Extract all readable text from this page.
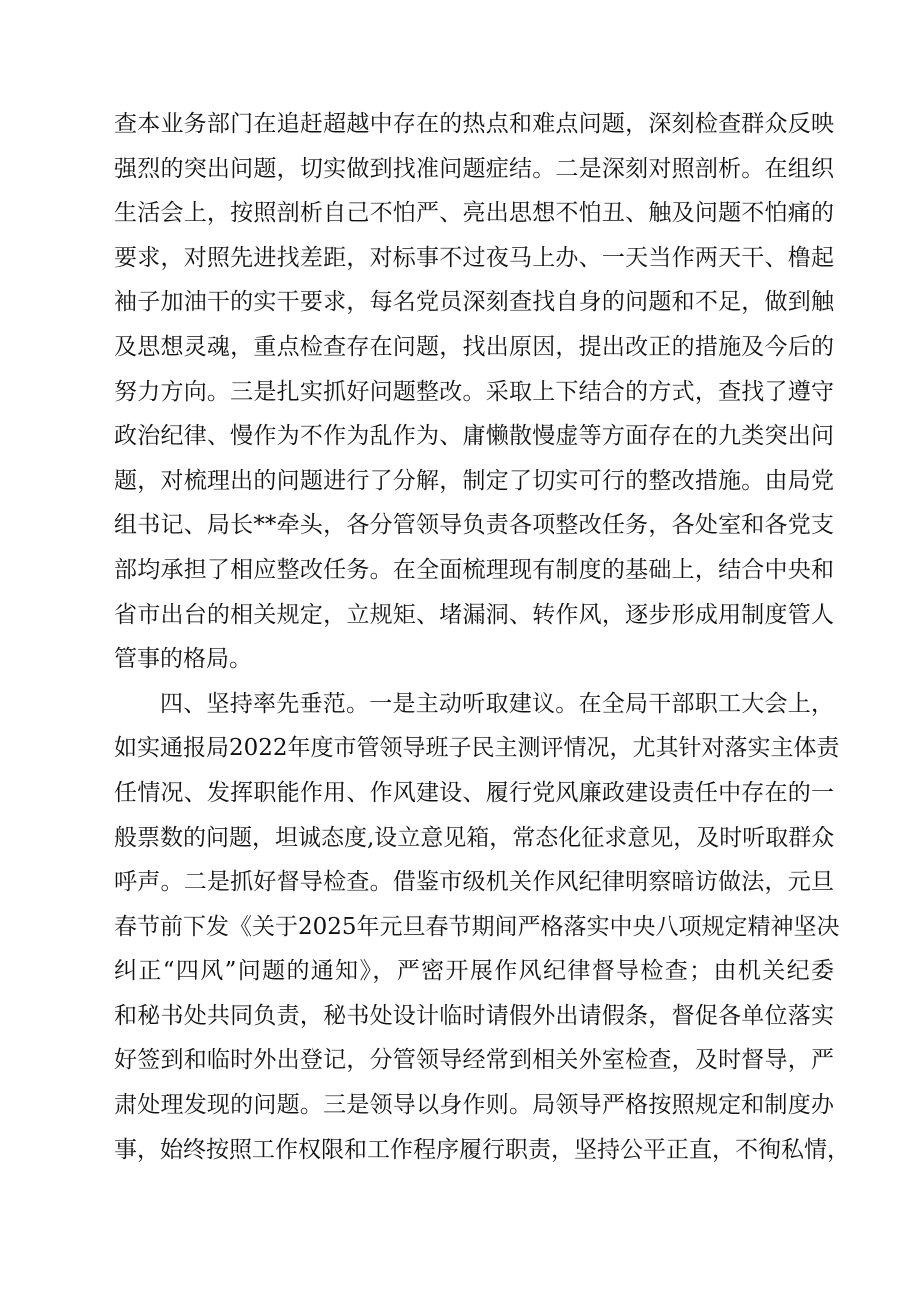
查本业务部门在追赶超越中存在的热点和难点问题，深刻检查群众反映
强烈的突出问题，切实做到找准问题症结。二是深刻对照剖析。在组织
生活会上，按照剖析自己不怕严、亮出思想不怕丑、触及问题不怕痛的
要求，对照先进找差距，对标事不过夜马上办、一天当作两天干、橹起
袖子加油干的实干要求，每名党员深刻查找自身的问题和不足，做到触
及思想灵魂，重点检查存在问题，找出原因，提出改正的措施及今后的
努力方向。三是扎实抓好问题整改。采取上下结合的方式，查找了遵守
政治纪律、慢作为不作为乱作为、庸懒散慢虚等方面存在的九类突出问
题，对梳理出的问题进行了分解，制定了切实可行的整改措施。由局党
组书记、局长**牵头，各分管领导负责各项整改任务，各处室和各党支
部均承担了相应整改任务。在全面梳理现有制度的基础上，结合中央和
省市出台的相关规定，立规矩、堵漏洞、转作风，逐步形成用制度管人
管事的格局。
四、坚持率先垂范。一是主动听取建议。在全局干部职工大会上，
如实通报局2022年度市管领导班子民主测评情况，尤其针对落实主体责
任情况、发挥职能作用、作风建设、履行党风廉政建设责任中存在的一
般票数的问题，坦诚态度,设立意见箱，常态化征求意见，及时听取群众
呼声。二是抓好督导检查。借鉴市级机关作风纪律明察暗访做法，元旦
春节前下发《关于2025年元旦春节期间严格落实中央八项规定精神坚决
纠正“四风”问题的通知》，严密开展作风纪律督导检查；由机关纪委
和秘书处共同负责，秘书处设计临时请假外出请假条，督促各单位落实
好签到和临时外出登记，分管领导经常到相关外室检查，及时督导，严
肃处理发现的问题。三是领导以身作则。局领导严格按照规定和制度办
事，始终按照工作权限和工作程序履行职责，坚持公平正直，不徇私情，
